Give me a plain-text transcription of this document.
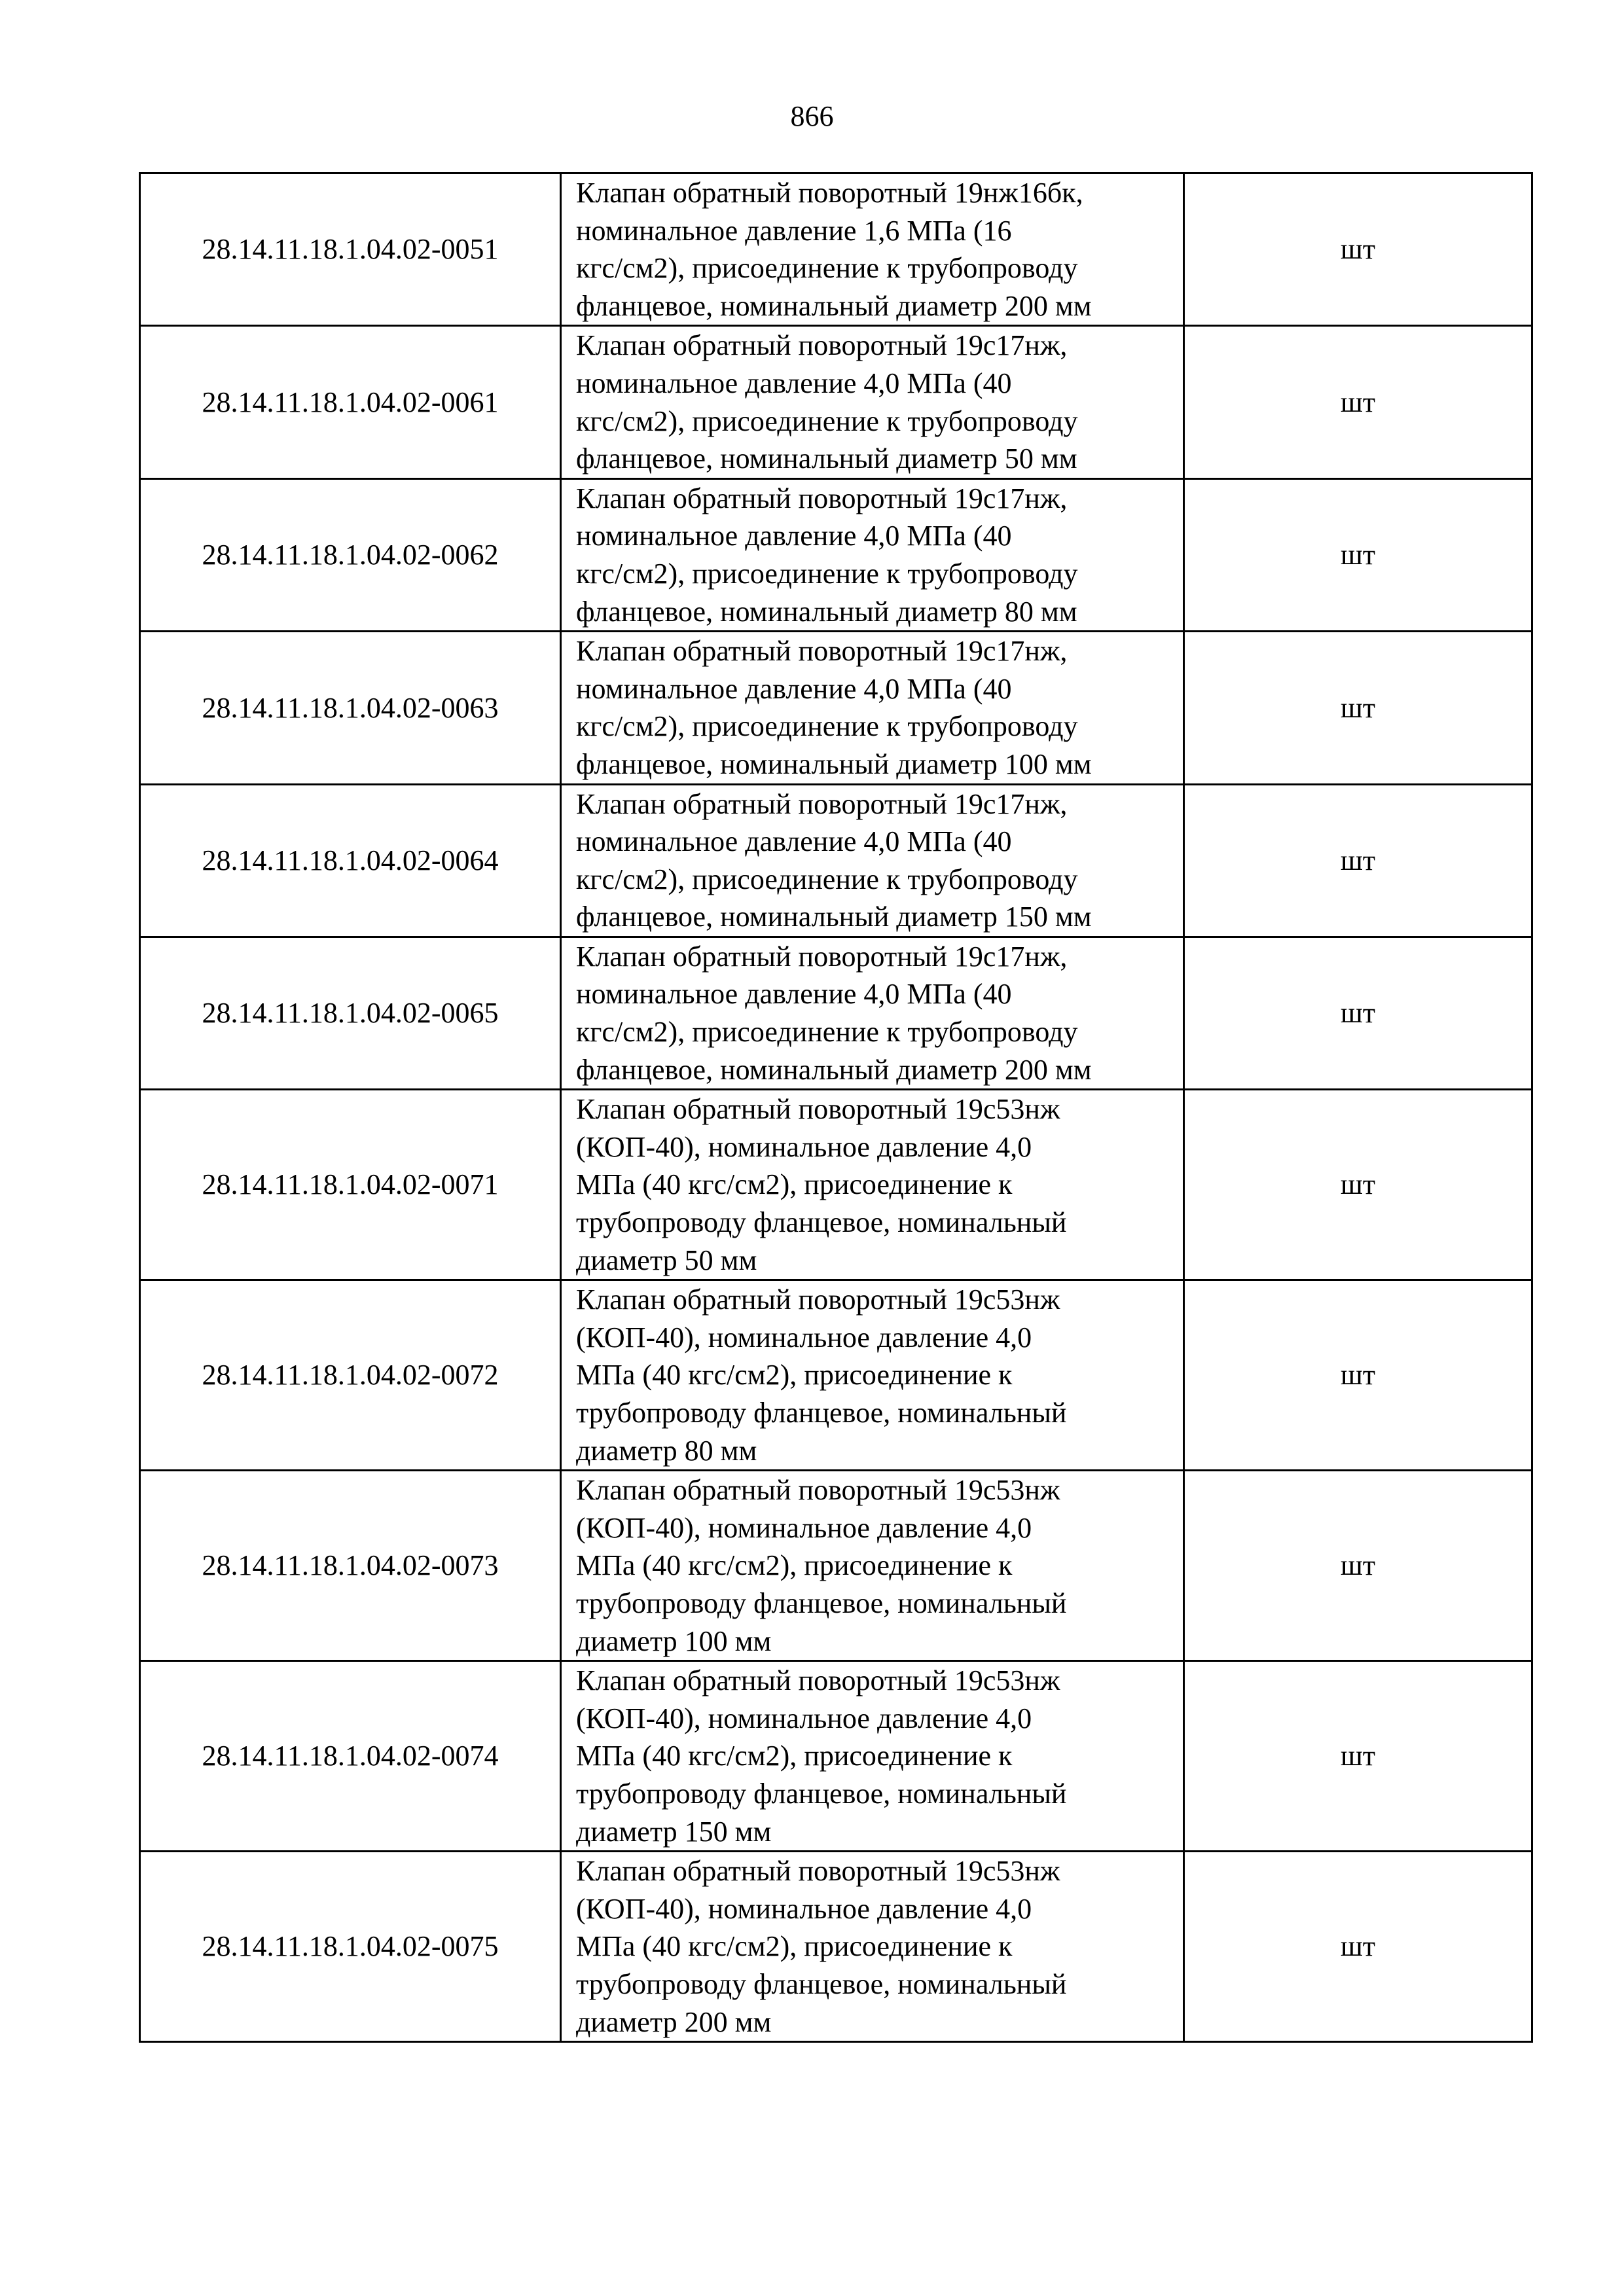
866
28.14.11.18.1.04.02-0051	Клапан обратный поворотный 19нж16бк,
номинальное давление 1,6 МПа (16
кгс/см2), присоединение к трубопроводу
фланцевое, номинальный диаметр 200 мм	шт
28.14.11.18.1.04.02-0061	Клапан обратный поворотный 19с17нж,
номинальное давление 4,0 МПа (40
кгс/см2), присоединение к трубопроводу
фланцевое, номинальный диаметр 50 мм	шт
28.14.11.18.1.04.02-0062	Клапан обратный поворотный 19с17нж,
номинальное давление 4,0 МПа (40
кгс/см2), присоединение к трубопроводу
фланцевое, номинальный диаметр 80 мм	шт
28.14.11.18.1.04.02-0063	Клапан обратный поворотный 19с17нж,
номинальное давление 4,0 МПа (40
кгс/см2), присоединение к трубопроводу
фланцевое, номинальный диаметр 100 мм	шт
28.14.11.18.1.04.02-0064	Клапан обратный поворотный 19с17нж,
номинальное давление 4,0 МПа (40
кгс/см2), присоединение к трубопроводу
фланцевое, номинальный диаметр 150 мм	шт
28.14.11.18.1.04.02-0065	Клапан обратный поворотный 19с17нж,
номинальное давление 4,0 МПа (40
кгс/см2), присоединение к трубопроводу
фланцевое, номинальный диаметр 200 мм	шт
28.14.11.18.1.04.02-0071	Клапан обратный поворотный 19с53нж
(КОП-40), номинальное давление 4,0
МПа (40 кгс/см2), присоединение к
трубопроводу фланцевое, номинальный
диаметр 50 мм	шт
28.14.11.18.1.04.02-0072	Клапан обратный поворотный 19с53нж
(КОП-40), номинальное давление 4,0
МПа (40 кгс/см2), присоединение к
трубопроводу фланцевое, номинальный
диаметр 80 мм	шт
28.14.11.18.1.04.02-0073	Клапан обратный поворотный 19с53нж
(КОП-40), номинальное давление 4,0
МПа (40 кгс/см2), присоединение к
трубопроводу фланцевое, номинальный
диаметр 100 мм	шт
28.14.11.18.1.04.02-0074	Клапан обратный поворотный 19с53нж
(КОП-40), номинальное давление 4,0
МПа (40 кгс/см2), присоединение к
трубопроводу фланцевое, номинальный
диаметр 150 мм	шт
28.14.11.18.1.04.02-0075	Клапан обратный поворотный 19с53нж
(КОП-40), номинальное давление 4,0
МПа (40 кгс/см2), присоединение к
трубопроводу фланцевое, номинальный
диаметр 200 мм	шт
